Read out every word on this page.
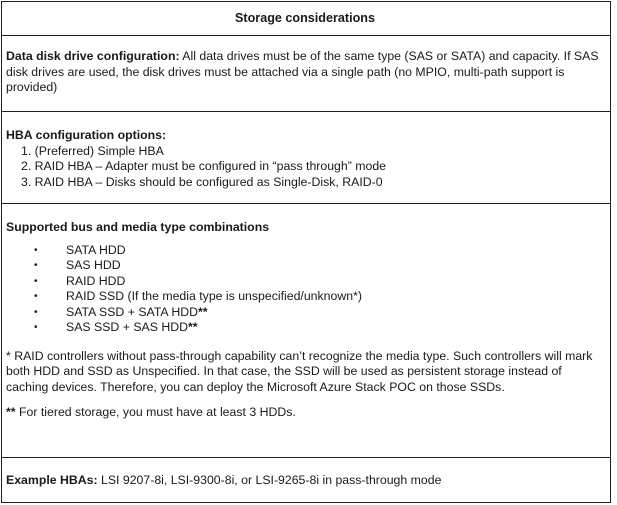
Storage considerations
Data disk drive configuration: All data drives must be of the same type (SAS or SATA) and capacity. If SAS disk drives are used, the disk drives must be attached via a single path (no MPIO, multi-path support is provided)
HBA configuration options:
1. (Preferred) Simple HBA
2. RAID HBA – Adapter must be configured in “pass through” mode
3. RAID HBA – Disks should be configured as Single-Disk, RAID-0
Supported bus and media type combinations
• SATA HDD
• SAS HDD
• RAID HDD
• RAID SSD (If the media type is unspecified/unknown*)
• SATA SSD + SATA HDD**
• SAS SSD + SAS HDD**
* RAID controllers without pass-through capability can’t recognize the media type. Such controllers will mark both HDD and SSD as Unspecified. In that case, the SSD will be used as persistent storage instead of caching devices. Therefore, you can deploy the Microsoft Azure Stack POC on those SSDs.
** For tiered storage, you must have at least 3 HDDs.
Example HBAs: LSI 9207-8i, LSI-9300-8i, or LSI-9265-8i in pass-through mode
